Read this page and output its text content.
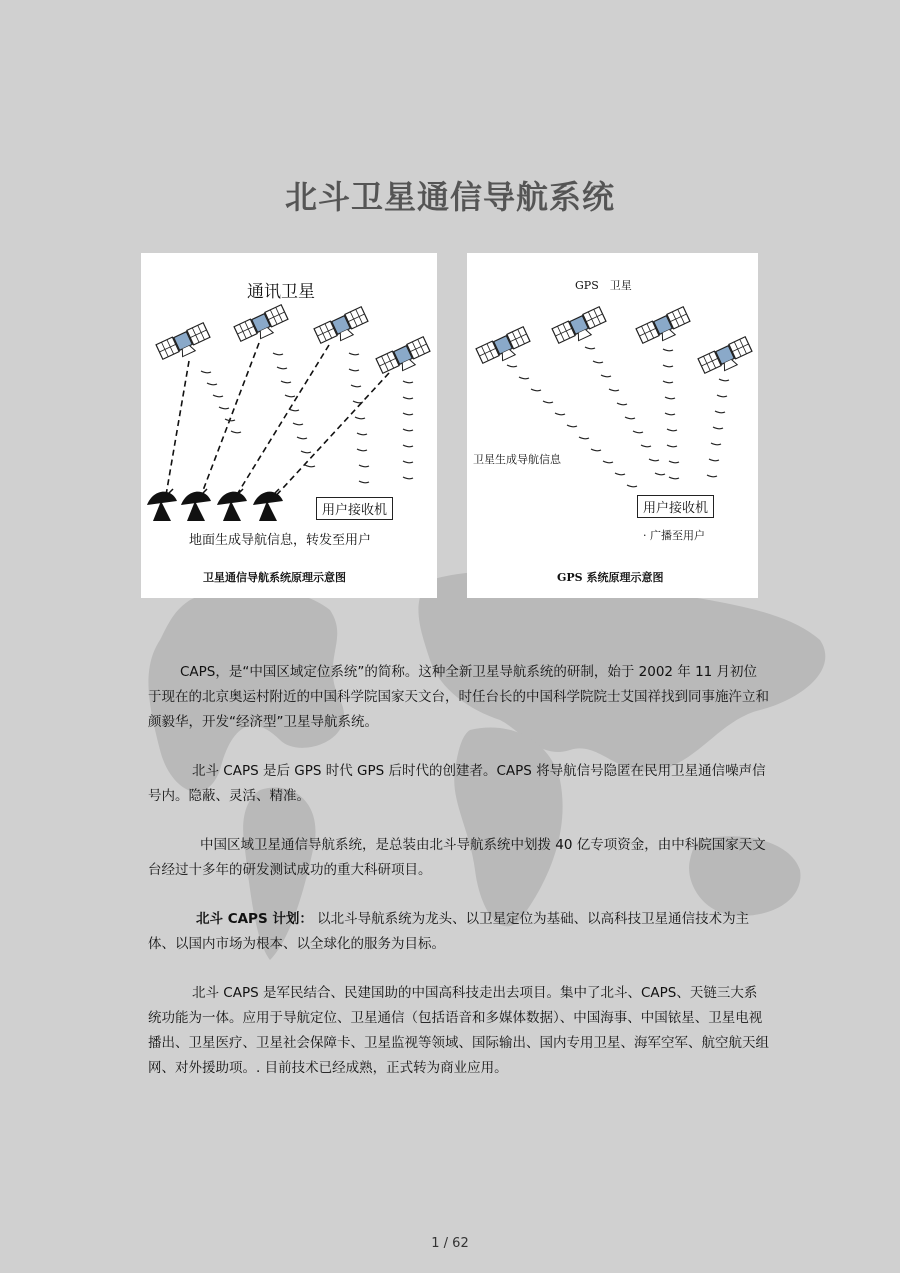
北斗卫星通信导航系统
通讯卫星
用户接收机
地面生成导航信息，转发至用户
卫星通信导航系统原理示意图
GPS　卫星
卫星生成导航信息
用户接收机
· 广播至用户
GPS 系统原理示意图

CAPS，是“中国区域定位系统”的简称。这种全新卫星导航系统的研制，始于 2002 年 11 月初位于现在的北京奥运村附近的中国科学院国家天文台，时任台长的中国科学院院士艾国祥找到同事施汻立和颜毅华，开发“经济型”卫星导航系统。

北斗 CAPS 是后 GPS 时代 GPS 后时代的创建者。CAPS 将导航信号隐匿在民用卫星通信噪声信号内。隐蔽、灵活、精准。

中国区域卫星通信导航系统，是总装由北斗导航系统中划拨 40 亿专项资金，由中科院国家天文台经过十多年的研发测试成功的重大科研项目。

北斗 CAPS 计划： 以北斗导航系统为龙头、以卫星定位为基础、以高科技卫星通信技术为主体、以国内市场为根本、以全球化的服务为目标。

北斗 CAPS 是军民结合、民建国助的中国高科技走出去项目。集中了北斗、CAPS、天链三大系统功能为一体。应用于导航定位、卫星通信（包括语音和多媒体数据）、中国海事、中国铱星、卫星电视播出、卫星医疗、卫星社会保障卡、卫星监视等领域、国际输出、国内专用卫星、海军空军、航空航天组网、对外援助项。. 目前技术已经成熟，正式转为商业应用。

1 / 62
